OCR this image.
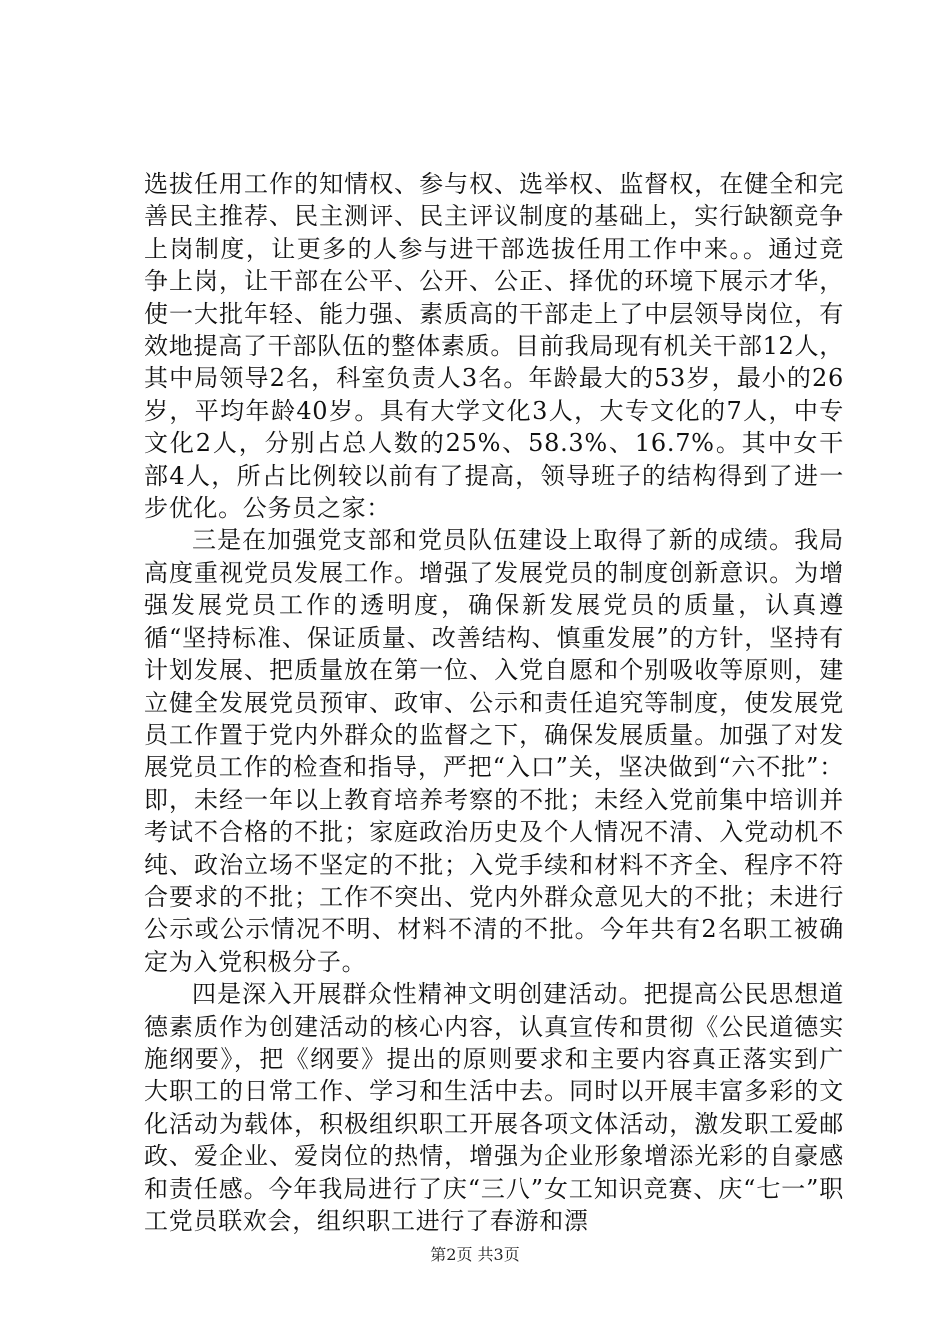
选拔任用工作的知情权、参与权、选举权、监督权，在健全和完善民主推荐、民主测评、民主评议制度的基础上，实行缺额竞争上岗制度，让更多的人参与进干部选拔任用工作中来。。通过竞争上岗，让干部在公平、公开、公正、择优的环境下展示才华，使一大批年轻、能力强、素质高的干部走上了中层领导岗位，有效地提高了干部队伍的整体素质。目前我局现有机关干部12人，其中局领导2名，科室负责人3名。年龄最大的53岁，最小的26岁，平均年龄40岁。具有大学文化3人，大专文化的7人，中专文化2人，分别占总人数的25%、58.3%、16.7%。其中女干部4人，所占比例较以前有了提高，领导班子的结构得到了进一步优化。公务员之家：

三是在加强党支部和党员队伍建设上取得了新的成绩。我局高度重视党员发展工作。增强了发展党员的制度创新意识。为增强发展党员工作的透明度，确保新发展党员的质量，认真遵循“坚持标准、保证质量、改善结构、慎重发展”的方针，坚持有计划发展、把质量放在第一位、入党自愿和个别吸收等原则，建立健全发展党员预审、政审、公示和责任追究等制度，使发展党员工作置于党内外群众的监督之下，确保发展质量。加强了对发展党员工作的检查和指导，严把“入口”关，坚决做到“六不批”：即，未经一年以上教育培养考察的不批；未经入党前集中培训并考试不合格的不批；家庭政治历史及个人情况不清、入党动机不纯、政治立场不坚定的不批；入党手续和材料不齐全、程序不符合要求的不批；工作不突出、党内外群众意见大的不批；未进行公示或公示情况不明、材料不清的不批。今年共有2名职工被确定为入党积极分子。

四是深入开展群众性精神文明创建活动。把提高公民思想道德素质作为创建活动的核心内容，认真宣传和贯彻《公民道德实施纲要》，把《纲要》提出的原则要求和主要内容真正落实到广大职工的日常工作、学习和生活中去。同时以开展丰富多彩的文化活动为载体，积极组织职工开展各项文体活动，激发职工爱邮政、爱企业、爱岗位的热情，增强为企业形象增添光彩的自豪感和责任感。今年我局进行了庆“三八”女工知识竞赛、庆“七一”职工党员联欢会，组织职工进行了春游和漂

第2页 共3页
